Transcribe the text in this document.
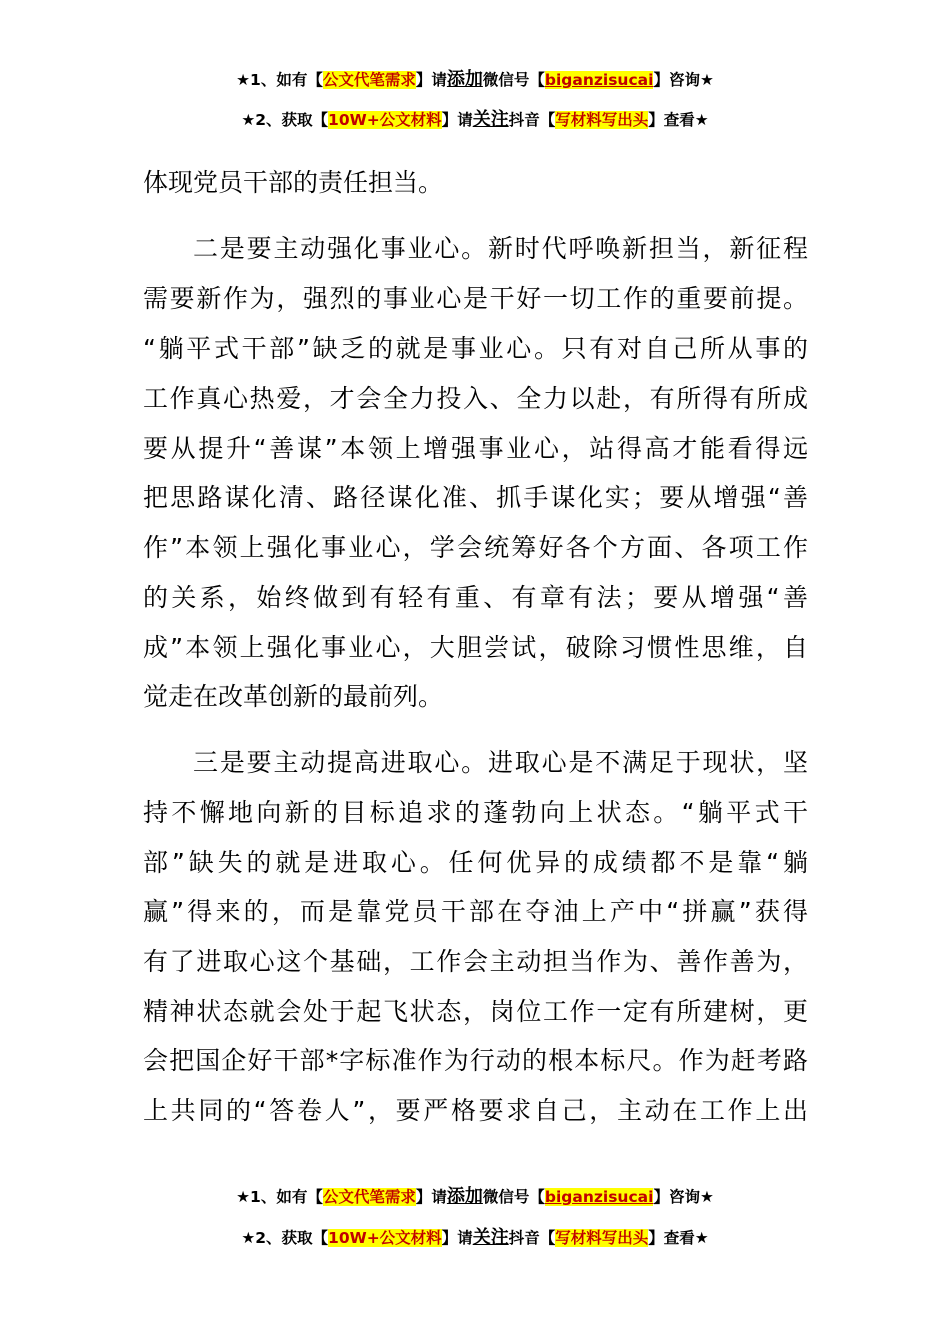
★1、如有【公文代笔需求】请添加微信号【biganzisucai】咨询★
★2、获取【10W+公文材料】请关注抖音【写材料写出头】查看★
体现党员干部的责任担当。
二是要主动强化事业心。新时代呼唤新担当，新征程
需要新作为，强烈的事业心是干好一切工作的重要前提。
“躺平式干部”缺乏的就是事业心。只有对自己所从事的
工作真心热爱，才会全力投入、全力以赴，有所得有所成
要从提升“善谋”本领上增强事业心，站得高才能看得远
把思路谋化清、路径谋化准、抓手谋化实；要从增强“善
作”本领上强化事业心，学会统筹好各个方面、各项工作
的关系，始终做到有轻有重、有章有法；要从增强“善
成”本领上强化事业心，大胆尝试，破除习惯性思维，自
觉走在改革创新的最前列。
三是要主动提高进取心。进取心是不满足于现状，坚
持不懈地向新的目标追求的蓬勃向上状态。“躺平式干
部”缺失的就是进取心。任何优异的成绩都不是靠“躺
赢”得来的，而是靠党员干部在夺油上产中“拼赢”获得
有了进取心这个基础，工作会主动担当作为、善作善为，
精神状态就会处于起飞状态，岗位工作一定有所建树，更
会把国企好干部*字标准作为行动的根本标尺。作为赶考路
上共同的“答卷人”，要严格要求自己，主动在工作上出
★1、如有【公文代笔需求】请添加微信号【biganzisucai】咨询★
★2、获取【10W+公文材料】请关注抖音【写材料写出头】查看★
